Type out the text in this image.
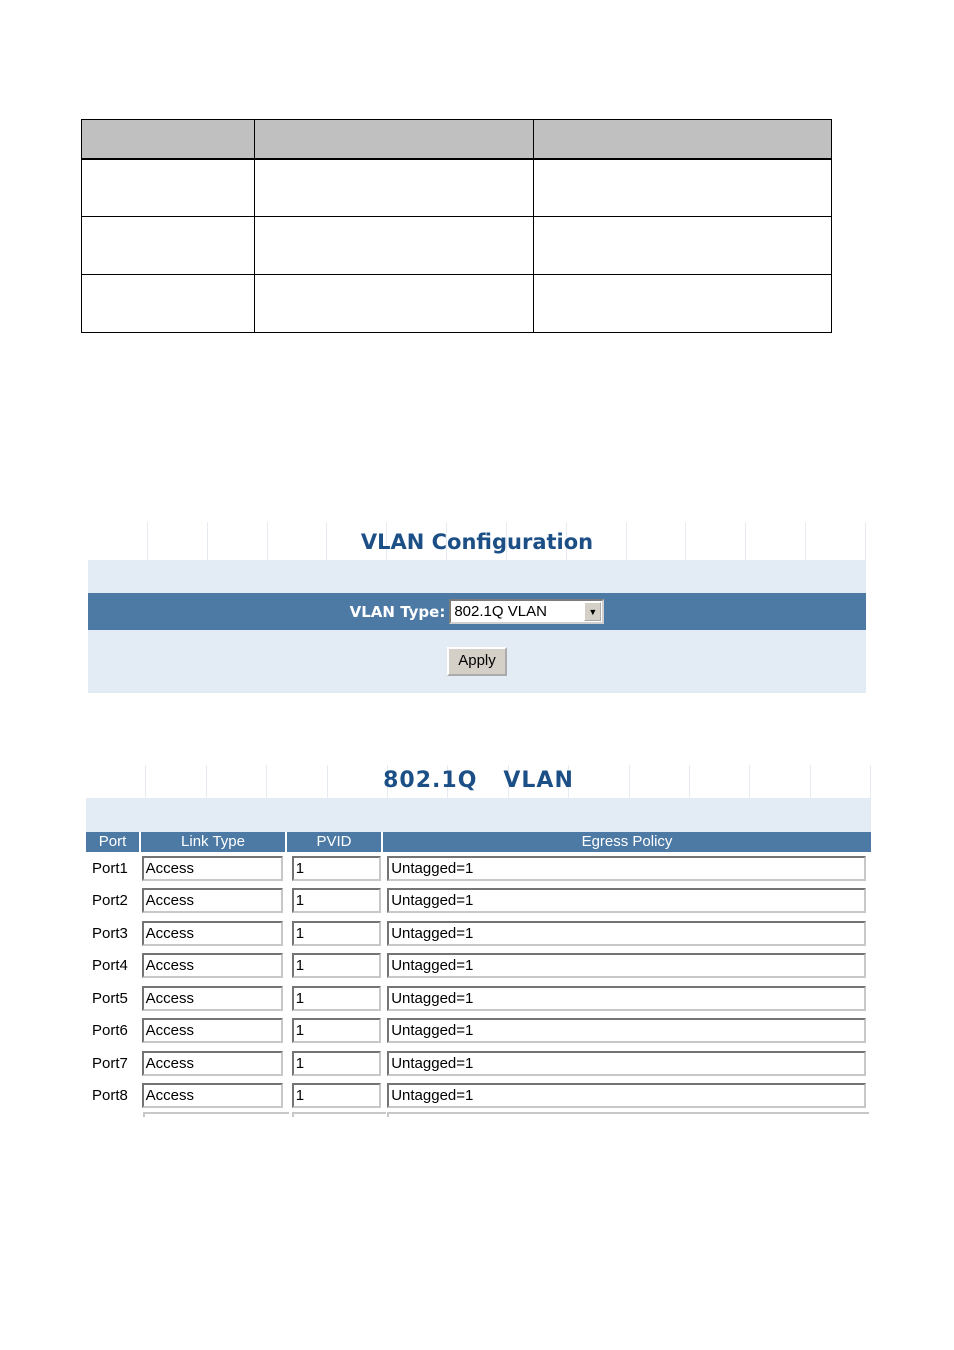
VLAN Configuration
VLAN Type: 802.1Q VLAN	▼
Apply
802.1Q   VLAN
Port	Link Type	PVID	Egress Policy
Port1	Access	1	Untagged=1
Port2	Access	1	Untagged=1
Port3	Access	1	Untagged=1
Port4	Access	1	Untagged=1
Port5	Access	1	Untagged=1
Port6	Access	1	Untagged=1
Port7	Access	1	Untagged=1
Port8	Access	1	Untagged=1
